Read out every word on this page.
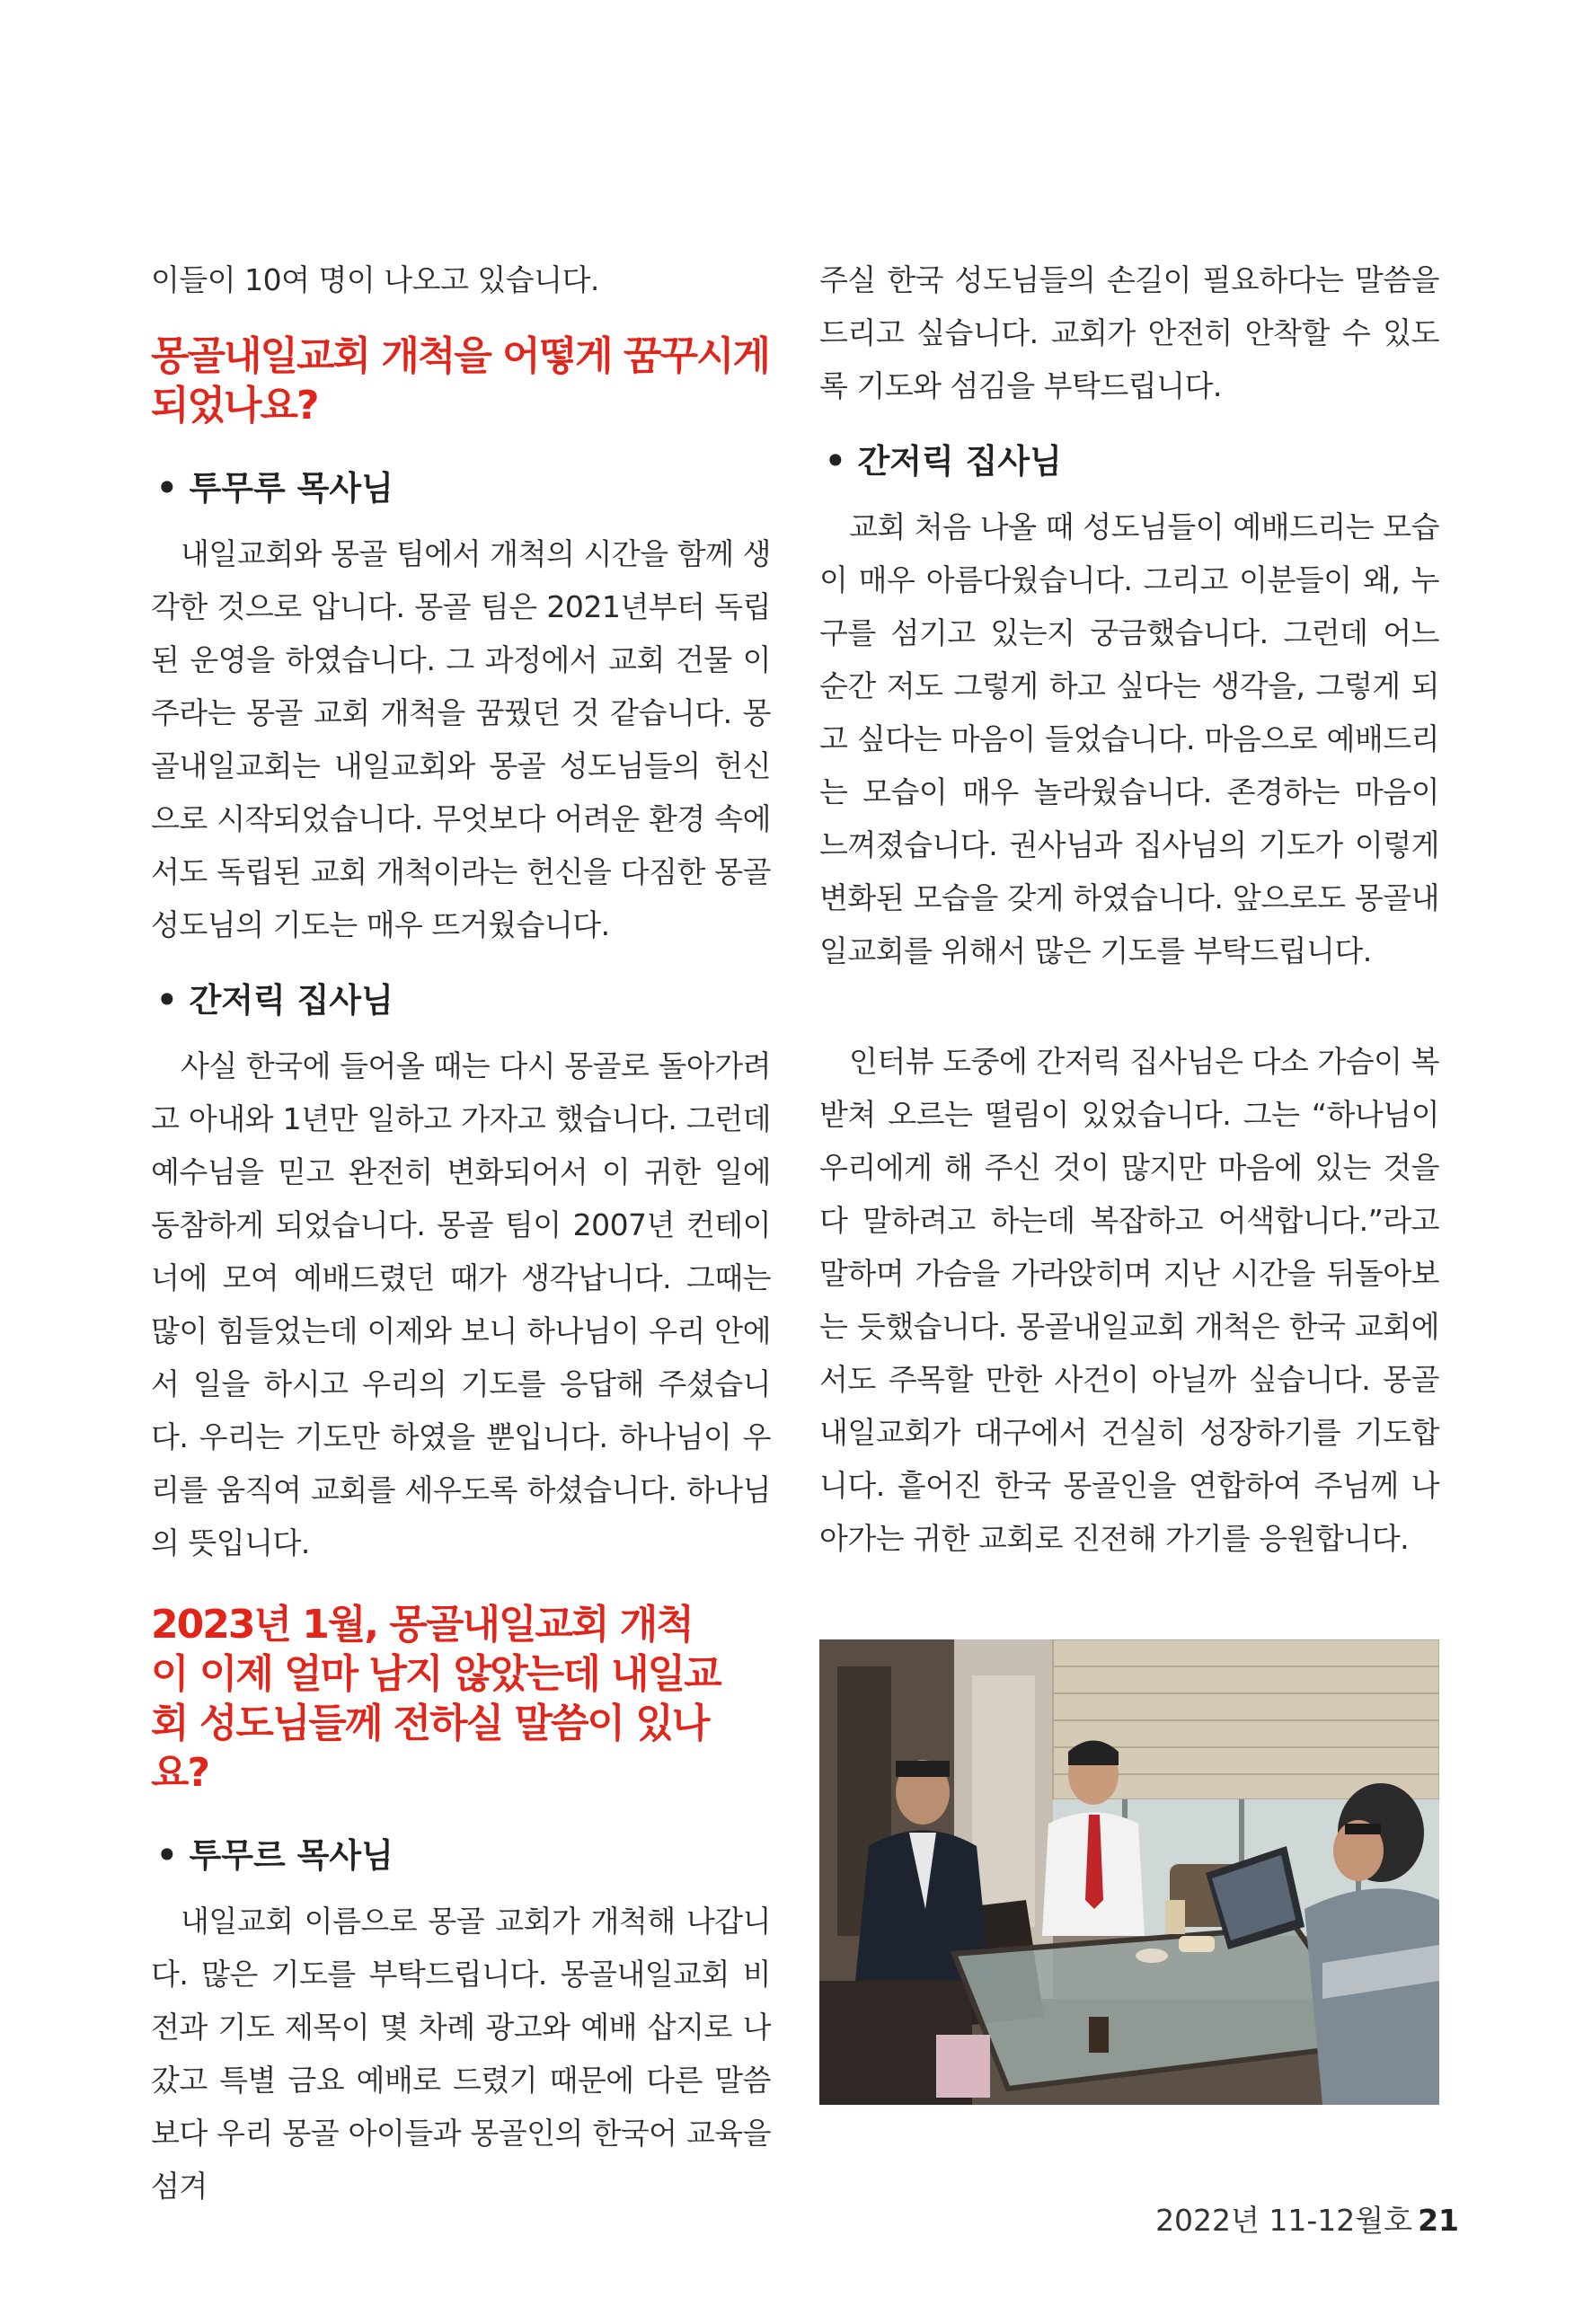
이들이 10여 명이 나오고 있습니다.

몽골내일교회 개척을 어떻게 꿈꾸시게 되었나요?
• 투무루 목사님

내일교회와 몽골 팀에서 개척의 시간을 함께 생각한 것으로 압니다. 몽골 팀은 2021년부터 독립된 운영을 하였습니다. 그 과정에서 교회 건물 이주라는 몽골 교회 개척을 꿈꿨던 것 같습니다. 몽골내일교회는 내일교회와 몽골 성도님들의 헌신으로 시작되었습니다. 무엇보다 어려운 환경 속에서도 독립된 교회 개척이라는 헌신을 다짐한 몽골 성도님의 기도는 매우 뜨거웠습니다.

• 간저릭 집사님

사실 한국에 들어올 때는 다시 몽골로 돌아가려고 아내와 1년만 일하고 가자고 했습니다. 그런데 예수님을 믿고 완전히 변화되어서 이 귀한 일에 동참하게 되었습니다. 몽골 팀이 2007년 컨테이너에 모여 예배드렸던 때가 생각납니다. 그때는 많이 힘들었는데 이제와 보니 하나님이 우리 안에서 일을 하시고 우리의 기도를 응답해 주셨습니다. 우리는 기도만 하였을 뿐입니다. 하나님이 우리를 움직여 교회를 세우도록 하셨습니다. 하나님의 뜻입니다.

2023년 1월, 몽골내일교회 개척이 이제 얼마 남지 않았는데 내일교회 성도님들께 전하실 말씀이 있나요?
• 투무르 목사님

내일교회 이름으로 몽골 교회가 개척해 나갑니다. 많은 기도를 부탁드립니다. 몽골내일교회 비전과 기도 제목이 몇 차례 광고와 예배 삽지로 나갔고 특별 금요 예배로 드렸기 때문에 다른 말씀보다 우리 몽골 아이들과 몽골인의 한국어 교육을 섬겨

주실 한국 성도님들의 손길이 필요하다는 말씀을 드리고 싶습니다. 교회가 안전히 안착할 수 있도록 기도와 섬김을 부탁드립니다.

• 간저릭 집사님

교회 처음 나올 때 성도님들이 예배드리는 모습이 매우 아름다웠습니다. 그리고 이분들이 왜, 누구를 섬기고 있는지 궁금했습니다. 그런데 어느 순간 저도 그렇게 하고 싶다는 생각을, 그렇게 되고 싶다는 마음이 들었습니다. 마음으로 예배드리는 모습이 매우 놀라웠습니다. 존경하는 마음이 느껴졌습니다. 권사님과 집사님의 기도가 이렇게 변화된 모습을 갖게 하였습니다. 앞으로도 몽골내일교회를 위해서 많은 기도를 부탁드립니다.

인터뷰 도중에 간저릭 집사님은 다소 가슴이 복받쳐 오르는 떨림이 있었습니다. 그는 “하나님이 우리에게 해 주신 것이 많지만 마음에 있는 것을 다 말하려고 하는데 복잡하고 어색합니다.”라고 말하며 가슴을 가라앉히며 지난 시간을 뒤돌아보는 듯했습니다. 몽골내일교회 개척은 한국 교회에서도 주목할 만한 사건이 아닐까 싶습니다. 몽골내일교회가 대구에서 건실히 성장하기를 기도합니다. 흩어진 한국 몽골인을 연합하여 주님께 나아가는 귀한 교회로 진전해 가기를 응원합니다.

2022년 11-12월호 21
